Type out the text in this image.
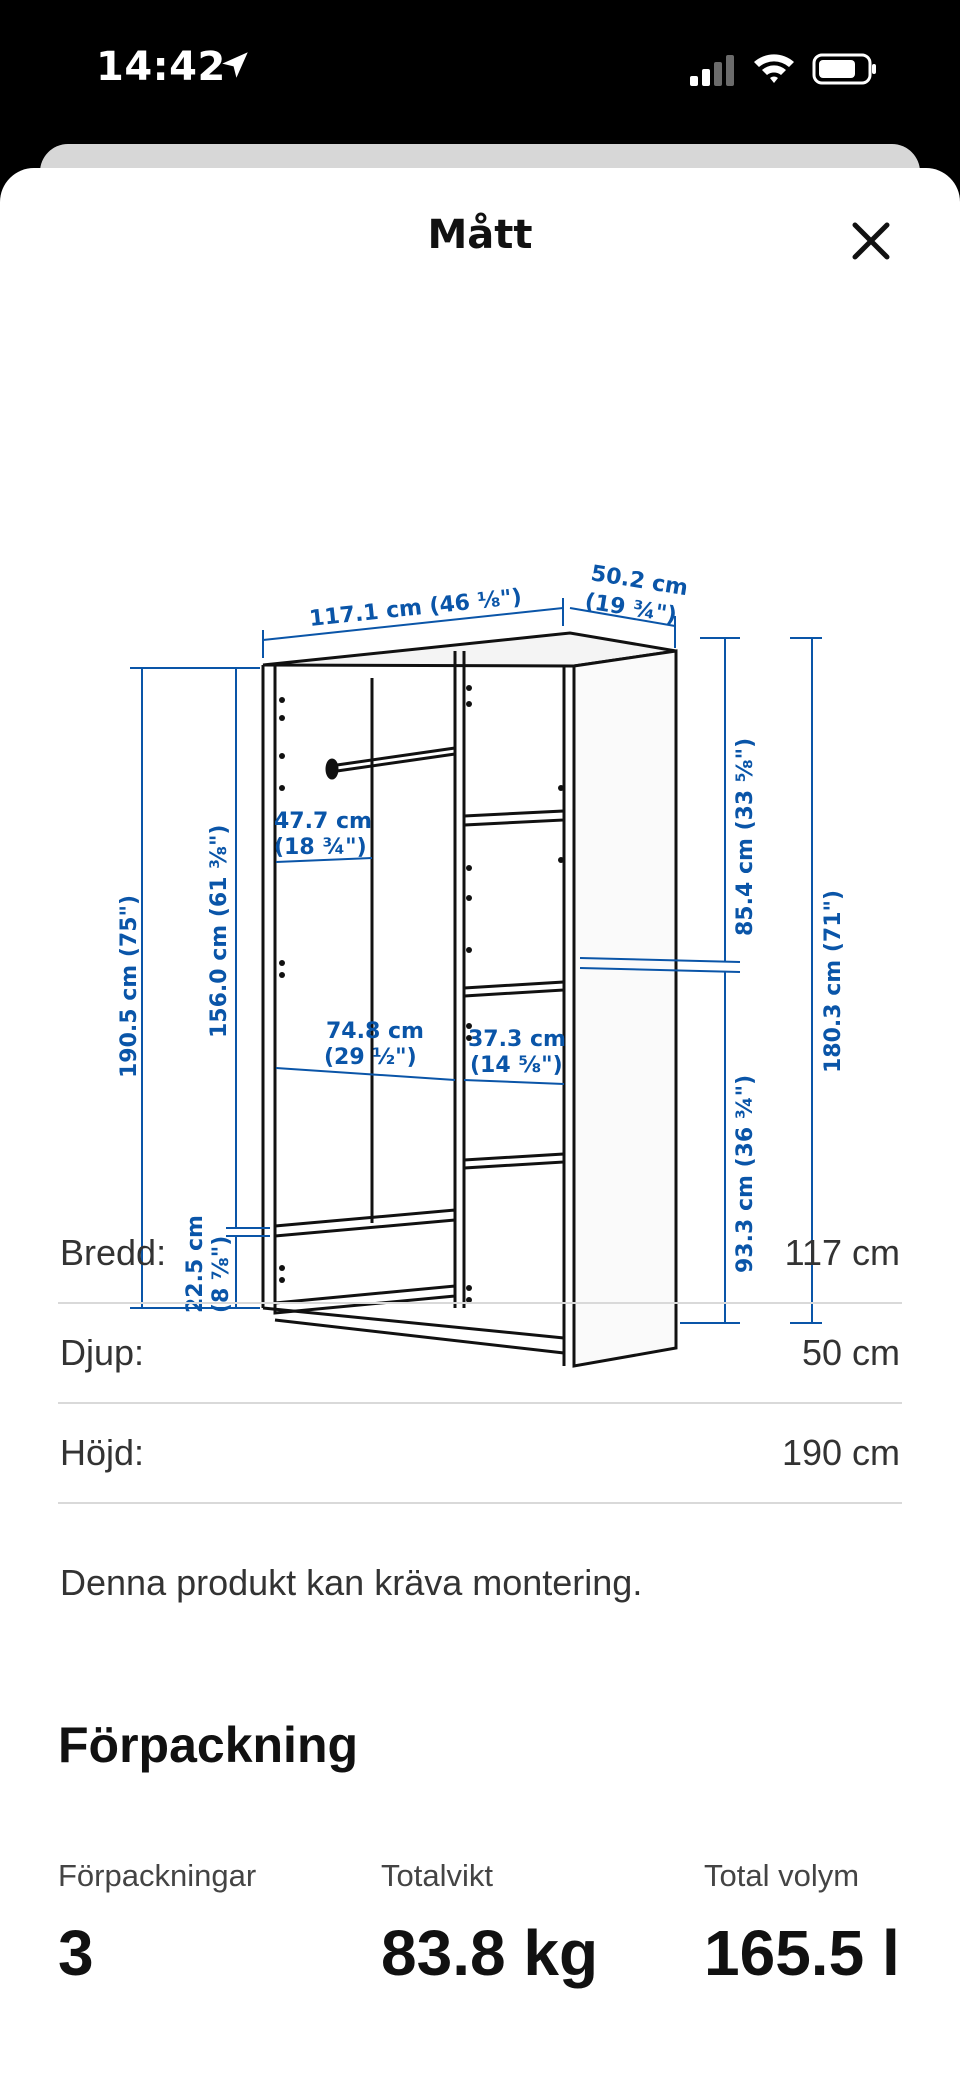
14:42
Mått
117.1 cm (46 ⅛")
50.2 cm
(19 ¾")
190.5 cm (75")	156.0 cm (61 ⅜")
22.5 cm (8 ⅞")
47.7 cm
(18 ¾")
74.8 cm
(29 ½")
37.3 cm
(14 ⅝")
85.4 cm (33 ⅝")
93.3 cm (36 ¾")
180.3 cm (71")
Bredd:	117 cm
Djup:	50 cm
Höjd:	190 cm
Denna produkt kan kräva montering.
Förpackning
Förpackningar
3
Totalvikt
83.8 kg
Total volym
165.5 l
